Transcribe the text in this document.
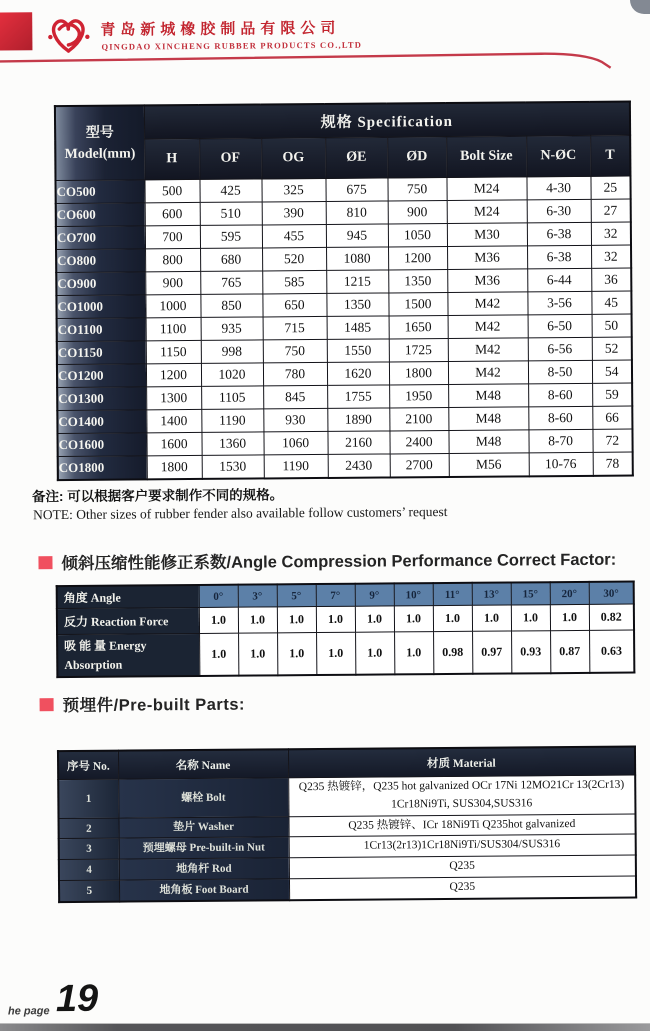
青岛新城橡胶制品有限公司
QINGDAO XINCHENG RUBBER PRODUCTS CO.,LTD
型号
Model(mm)	规格 Specification							
	H	OF	OG	ØE	ØD	Bolt Size	N-ØC	T
CO500	500	425	325	675	750	M24	4-30	25
CO600	600	510	390	810	900	M24	6-30	27
CO700	700	595	455	945	1050	M30	6-38	32
CO800	800	680	520	1080	1200	M36	6-38	32
CO900	900	765	585	1215	1350	M36	6-44	36
CO1000	1000	850	650	1350	1500	M42	3-56	45
CO1100	1100	935	715	1485	1650	M42	6-50	50
CO1150	1150	998	750	1550	1725	M42	6-56	52
CO1200	1200	1020	780	1620	1800	M42	8-50	54
CO1300	1300	1105	845	1755	1950	M48	8-60	59
CO1400	1400	1190	930	1890	2100	M48	8-60	66
CO1600	1600	1360	1060	2160	2400	M48	8-70	72
CO1800	1800	1530	1190	2430	2700	M56	10-76	78
备注: 可以根据客户要求制作不同的规格。
NOTE: Other sizes of rubber fender also available follow customers’ request
倾斜压缩性能修正系数/Angle Compression Performance Correct Factor:
角度 Angle	0°	3°	5°	7°	9°	10°	11°	13°	15°	20°	30°
反力 Reaction Force	1.0	1.0	1.0	1.0	1.0	1.0	1.0	1.0	1.0	1.0	0.82
吸 能 量 Energy Absorption	1.0	1.0	1.0	1.0	1.0	1.0	0.98	0.97	0.93	0.87	0.63
预埋件/Pre-built Parts:
序号 No.	名称 Name	材质 Material
1	螺栓 Bolt	Q235 热镀锌，Q235 hot galvanized OCr 17Ni 12MO21Cr 13(2Cr13) 1Cr18Ni9Ti, SUS304,SUS316
2	垫片 Washer	Q235 热镀锌、ICr 18Ni9Ti Q235hot galvanized
3	预埋螺母 Pre-built-in Nut	1Cr13(2r13)1Cr18Ni9Ti/SUS304/SUS316
4	地角杆 Rod	Q235
5	地角板 Foot Board	Q235
he page 19
